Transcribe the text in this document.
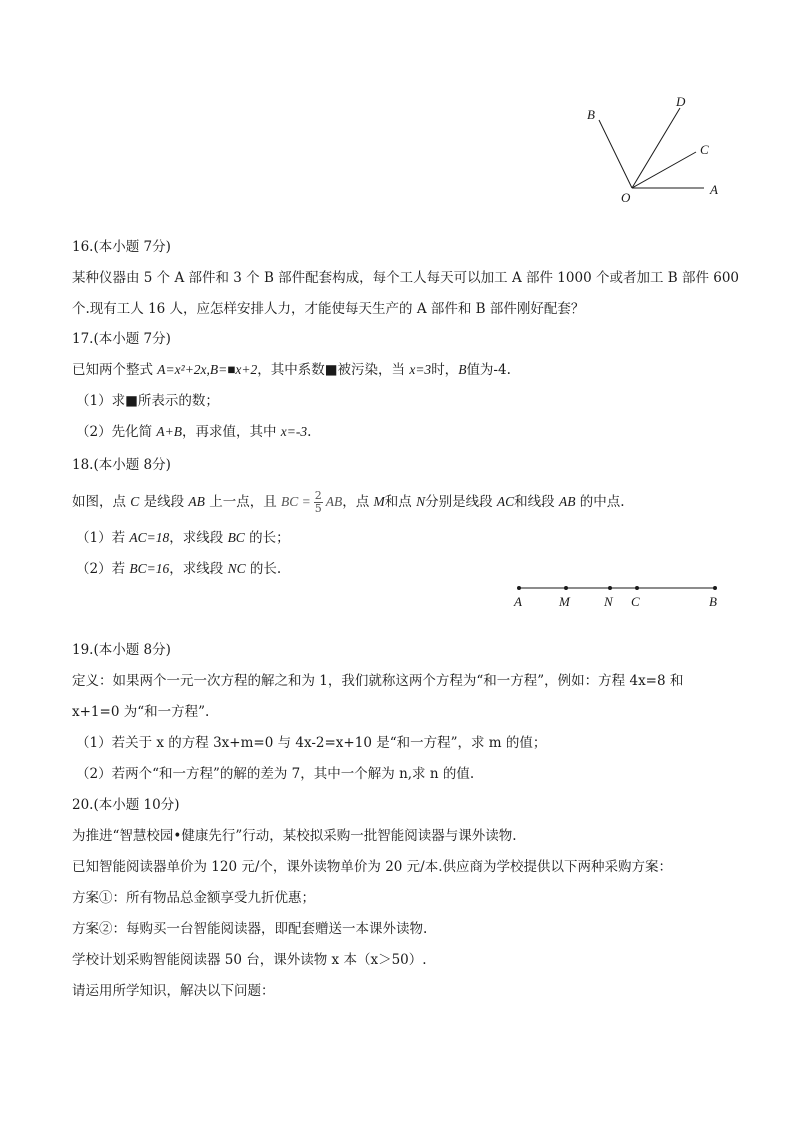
B
D
C
O
A
16.(本小题 7分)
某种仪器由 5 个 A 部件和 3 个 B 部件配套构成，每个工人每天可以加工 A 部件 1000 个或者加工 B 部件 600
个.现有工人 16 人，应怎样安排人力，才能使每天生产的 A 部件和 B 部件刚好配套？
17.(本小题 7分)
已知两个整式 A=x²+2x,B=■x+2，其中系数■被污染，当 x=3时，B值为-4.
（1）求■所表示的数；
（2）先化简 A+B，再求值，其中 x=-3.
18.(本小题 8分)
如图，点 C 是线段 AB 上一点，且 BC = $\frac{2}{5}$ AB，点 M和点 N分别是线段 AC和线段 AB 的中点.
（1）若 AC=18，求线段 BC 的长；
（2）若 BC=16，求线段 NC 的长.
A	M	N C	B
19.(本小题 8分)
定义：如果两个一元一次方程的解之和为 1，我们就称这两个方程为“和一方程”，例如：方程 4x=8 和
x+1=0 为“和一方程”.
（1）若关于 x 的方程 3x+m=0 与 4x-2=x+10 是“和一方程”，求 m 的值；
（2）若两个“和一方程”的解的差为 7，其中一个解为 n,求 n 的值.
20.(本小题 10分)
为推进“智慧校园•健康先行”行动，某校拟采购一批智能阅读器与课外读物.
已知智能阅读器单价为 120 元/个，课外读物单价为 20 元/本.供应商为学校提供以下两种采购方案：
方案①：所有物品总金额享受九折优惠；
方案②：每购买一台智能阅读器，即配套赠送一本课外读物.
学校计划采购智能阅读器 50 台，课外读物 x 本（x＞50）.
请运用所学知识，解决以下问题：
